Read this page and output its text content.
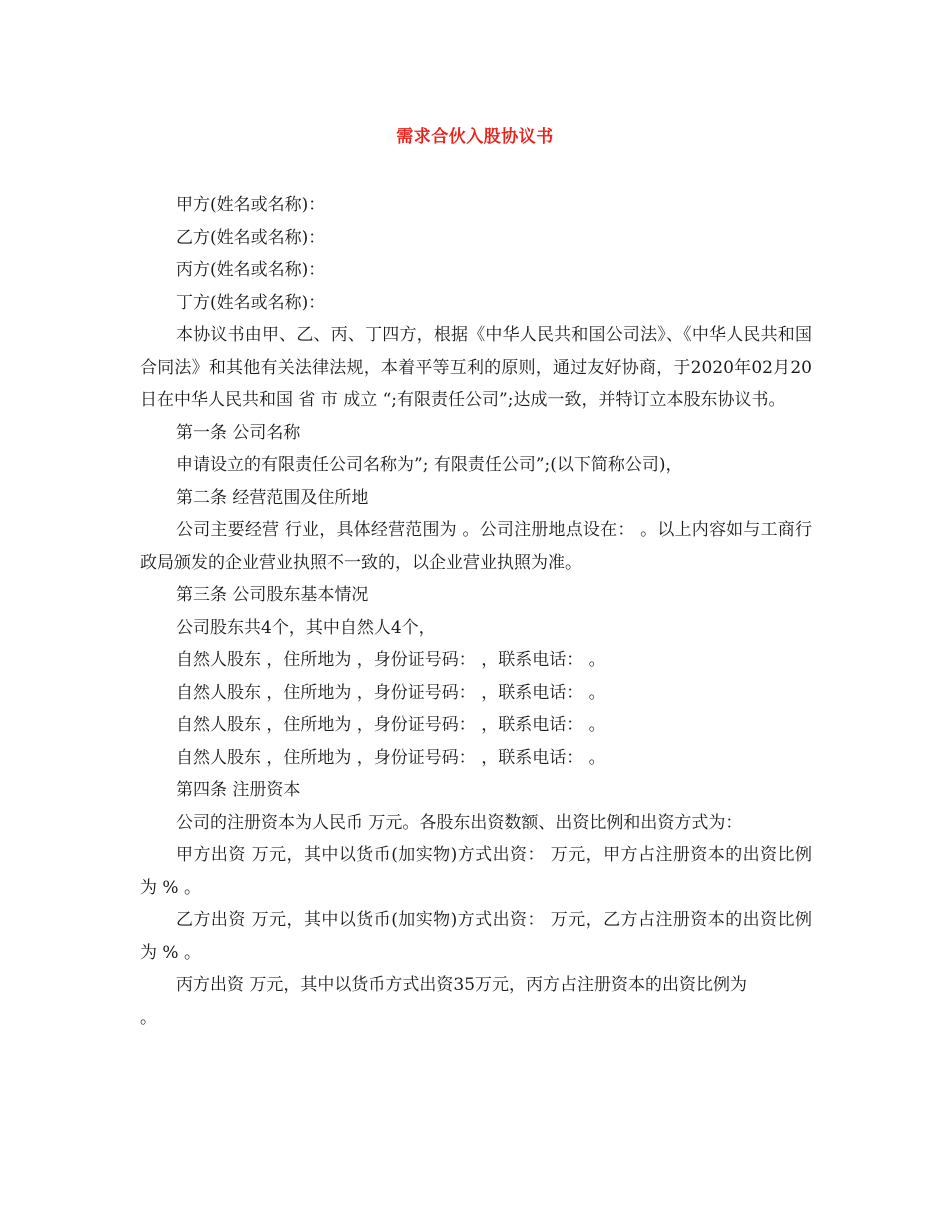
需求合伙入股协议书

甲方(姓名或名称)：

乙方(姓名或名称)：

丙方(姓名或名称)：

丁方(姓名或名称)：

本协议书由甲、乙、丙、丁四方，根据《中华人民共和国公司法》、《中华人民共和国合同法》和其他有关法律法规，本着平等互利的原则，通过友好协商，于2020年02月20日在中华人民共和国 省 市 成立 “;有限责任公司”;达成一致，并特订立本股东协议书。

第一条 公司名称

申请设立的有限责任公司名称为”; 有限责任公司”;(以下简称公司)，

第二条 经营范围及住所地

公司主要经营 行业，具体经营范围为 。公司注册地点设在： 。以上内容如与工商行政局颁发的企业营业执照不一致的，以企业营业执照为准。

第三条 公司股东基本情况

公司股东共4个，其中自然人4个，

自然人股东 ，住所地为 ，身份证号码： ，联系电话： 。

自然人股东 ，住所地为 ，身份证号码： ，联系电话： 。

自然人股东 ，住所地为 ，身份证号码： ，联系电话： 。

自然人股东 ，住所地为 ，身份证号码： ，联系电话： 。

第四条 注册资本

公司的注册资本为人民币 万元。各股东出资数额、出资比例和出资方式为：

甲方出资 万元，其中以货币(加实物)方式出资： 万元，甲方占注册资本的出资比例为 % 。

乙方出资 万元，其中以货币(加实物)方式出资： 万元，乙方占注册资本的出资比例为 % 。

丙方出资 万元，其中以货币方式出资35万元，丙方占注册资本的出资比例为

。
